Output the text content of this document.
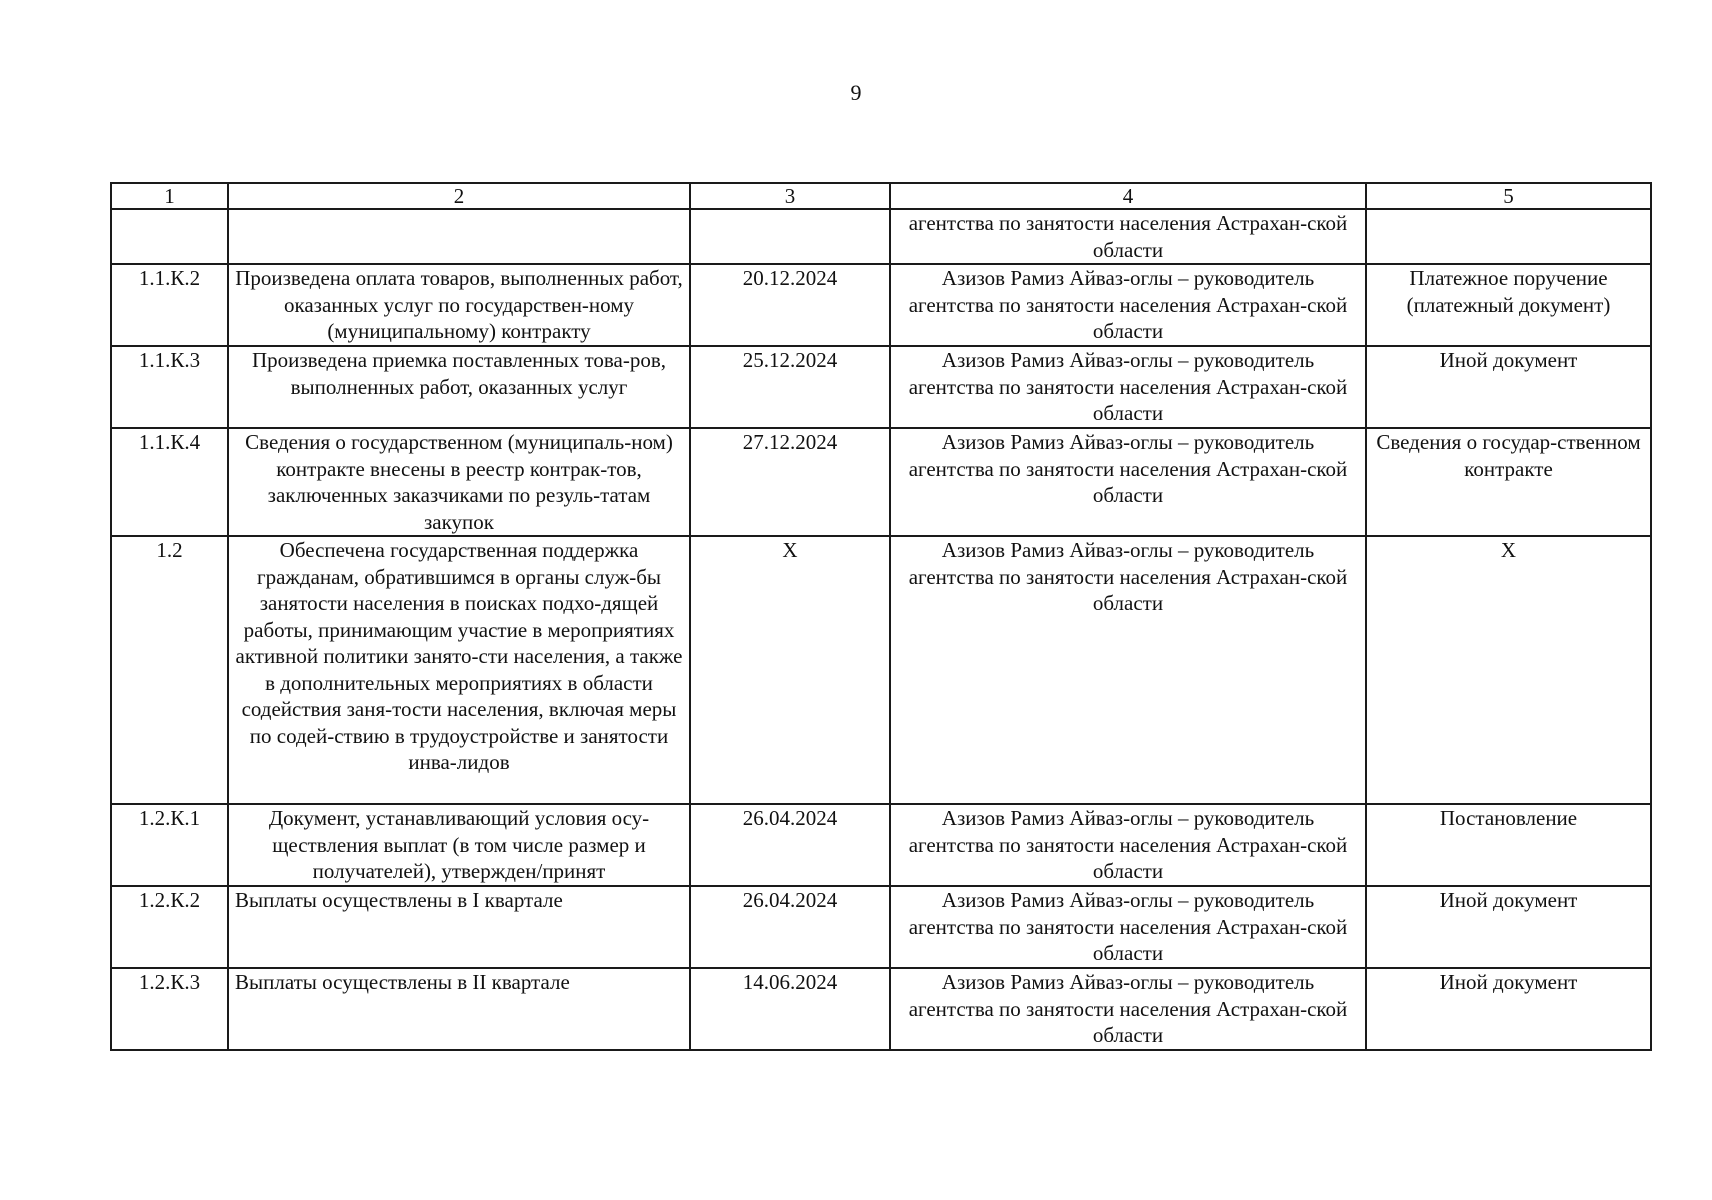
9
1	2	3	4	5
			агентства по занятости населения Астрахан-ской области	
1.1.К.2	Произведена оплата товаров, выполненных работ, оказанных услуг по государствен-ному (муниципальному) контракту	20.12.2024	Азизов Рамиз Айваз-оглы – руководитель агентства по занятости населения Астрахан-ской области	Платежное поручение (платежный документ)
1.1.К.3	Произведена приемка поставленных това-ров, выполненных работ, оказанных услуг	25.12.2024	Азизов Рамиз Айваз-оглы – руководитель агентства по занятости населения Астрахан-ской области	Иной документ
1.1.К.4	Сведения о государственном (муниципаль-ном) контракте внесены в реестр контрак-тов, заключенных заказчиками по резуль-татам закупок	27.12.2024	Азизов Рамиз Айваз-оглы – руководитель агентства по занятости населения Астрахан-ской области	Сведения о государ-ственном контракте
1.2	Обеспечена государственная поддержка гражданам, обратившимся в органы служ-бы занятости населения в поисках подхо-дящей работы, принимающим участие в мероприятиях активной политики занято-сти населения, а также в дополнительных мероприятиях в области содействия заня-тости населения, включая меры по содей-ствию в трудоустройстве и занятости инва-лидов	X	Азизов Рамиз Айваз-оглы – руководитель агентства по занятости населения Астрахан-ской области	X
1.2.К.1	Документ, устанавливающий условия осу-ществления выплат (в том числе размер и получателей), утвержден/принят	26.04.2024	Азизов Рамиз Айваз-оглы – руководитель агентства по занятости населения Астрахан-ской области	Постановление
1.2.К.2	Выплаты осуществлены в I квартале	26.04.2024	Азизов Рамиз Айваз-оглы – руководитель агентства по занятости населения Астрахан-ской области	Иной документ
1.2.К.3	Выплаты осуществлены в II квартале	14.06.2024	Азизов Рамиз Айваз-оглы – руководитель агентства по занятости населения Астрахан-ской области	Иной документ
